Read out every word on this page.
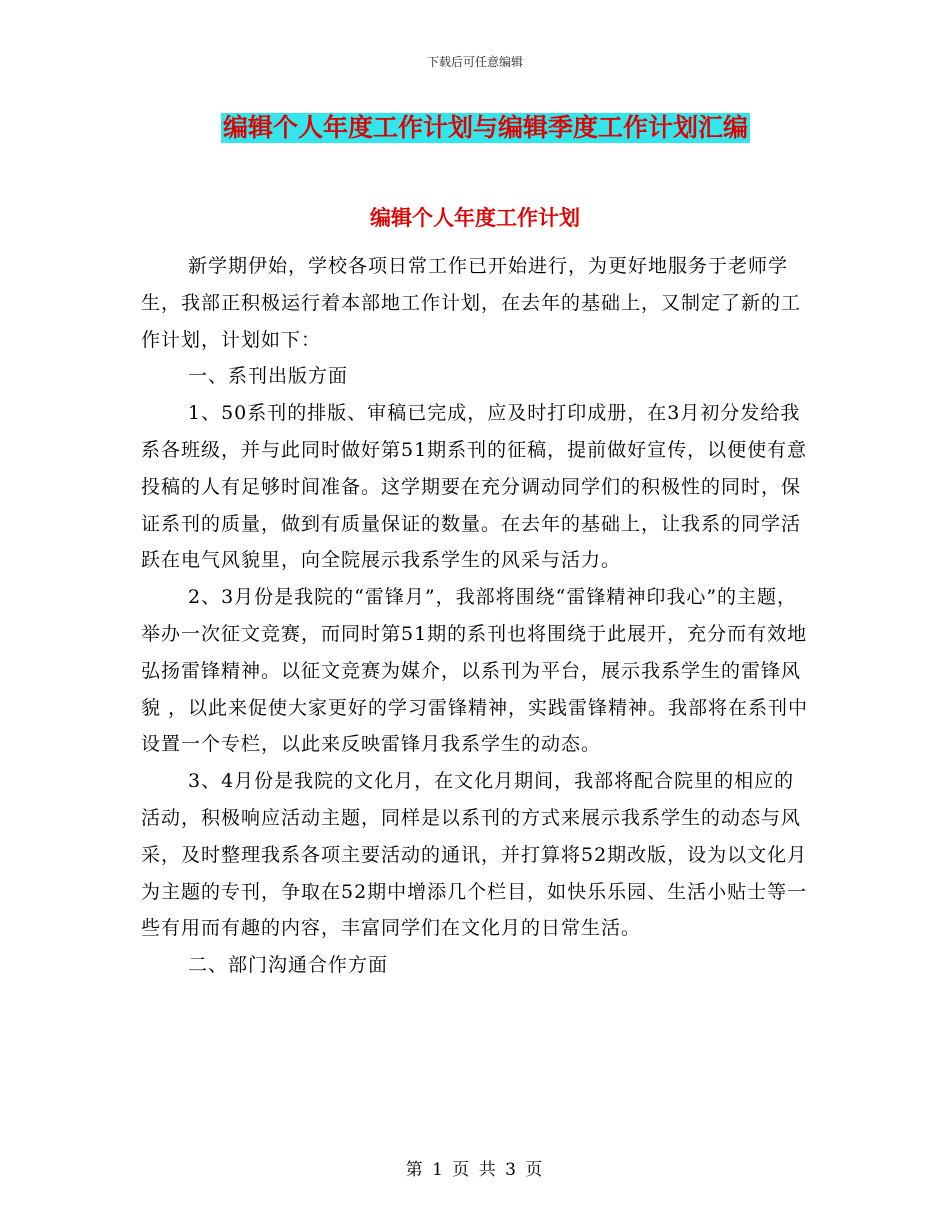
下载后可任意编辑
编辑个人年度工作计划与编辑季度工作计划汇编
编辑个人年度工作计划

新学期伊始，学校各项日常工作已开始进行，为更好地服务于老师学生，我部正积极运行着本部地工作计划，在去年的基础上，又制定了新的工作计划，计划如下：

一、系刊出版方面

1、50系刊的排版、审稿已完成，应及时打印成册，在3月初分发给我系各班级，并与此同时做好第51期系刊的征稿，提前做好宣传，以便使有意投稿的人有足够时间准备。这学期要在充分调动同学们的积极性的同时，保证系刊的质量，做到有质量保证的数量。在去年的基础上，让我系的同学活跃在电气风貌里，向全院展示我系学生的风采与活力。

2、3月份是我院的“雷锋月”，我部将围绕“雷锋精神印我心”的主题，举办一次征文竞赛，而同时第51期的系刊也将围绕于此展开，充分而有效地弘扬雷锋精神。以征文竞赛为媒介，以系刊为平台，展示我系学生的雷锋风貌 ，以此来促使大家更好的学习雷锋精神，实践雷锋精神。我部将在系刊中设置一个专栏，以此来反映雷锋月我系学生的动态。

3、4月份是我院的文化月，在文化月期间，我部将配合院里的相应的活动，积极响应活动主题，同样是以系刊的方式来展示我系学生的动态与风采，及时整理我系各项主要活动的通讯，并打算将52期改版，设为以文化月为主题的专刊，争取在52期中增添几个栏目，如快乐乐园、生活小贴士等一些有用而有趣的内容，丰富同学们在文化月的日常生活。

二、部门沟通合作方面

第 1 页 共 3 页
